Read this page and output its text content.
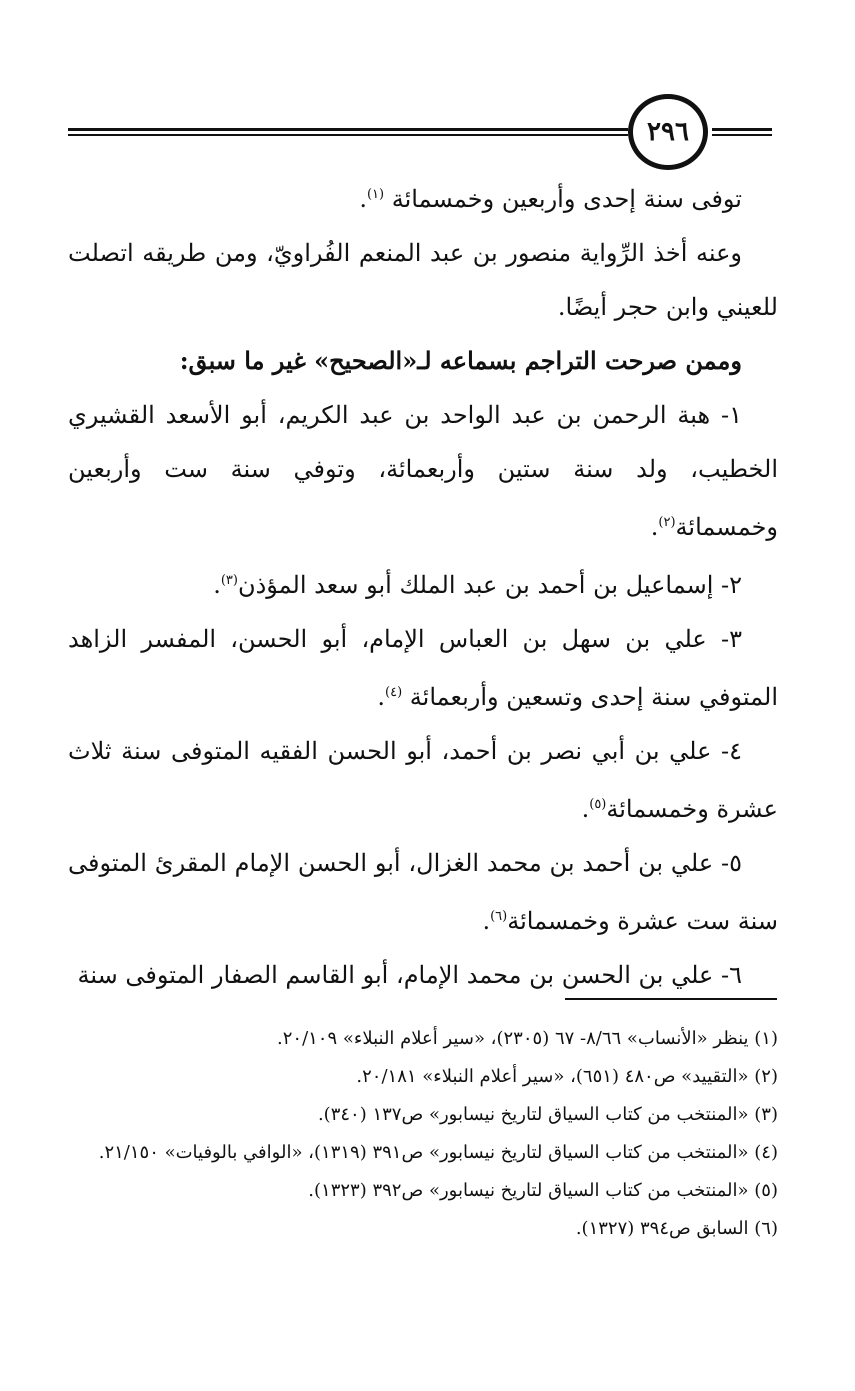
٢٩٦

توفى سنة إحدى وأربعين وخمسمائة $^{(١)}$.

وعنه أخذ الرِّواية منصور بن عبد المنعم الفُراويّ، ومن طريقه اتصلت للعيني وابن حجر أيضًا.

وممن صرحت التراجم بسماعه لـ«الصحيح» غير ما سبق:

١- هبة الرحمن بن عبد الواحد بن عبد الكريم، أبو الأسعد القشيري الخطيب، ولد سنة ستين وأربعمائة، وتوفي سنة ست وأربعين وخمسمائة$^{(٢)}$.

٢- إسماعيل بن أحمد بن عبد الملك أبو سعد المؤذن$^{(٣)}$.

٣- علي بن سهل بن العباس الإمام، أبو الحسن، المفسر الزاهد المتوفي سنة إحدى وتسعين وأربعمائة $^{(٤)}$.

٤- علي بن أبي نصر بن أحمد، أبو الحسن الفقيه المتوفى سنة ثلاث عشرة وخمسمائة$^{(٥)}$.

٥- علي بن أحمد بن محمد الغزال، أبو الحسن الإمام المقرئ المتوفى سنة ست عشرة وخمسمائة$^{(٦)}$.

٦- علي بن الحسن بن محمد الإمام، أبو القاسم الصفار المتوفى سنة

(١) ينظر «الأنساب» ٨/٦٦- ٦٧ (٢٣٠٥)، «سير أعلام النبلاء» ٢٠/١٠٩.

(٢) «التقييد» ص٤٨٠ (٦٥١)، «سير أعلام النبلاء» ٢٠/١٨١.

(٣) «المنتخب من كتاب السياق لتاريخ نيسابور» ص١٣٧ (٣٤٠).

(٤) «المنتخب من كتاب السياق لتاريخ نيسابور» ص٣٩١ (١٣١٩)، «الوافي بالوفيات» ٢١/١٥٠.

(٥) «المنتخب من كتاب السياق لتاريخ نيسابور» ص٣٩٢ (١٣٢٣).

(٦) السابق ص٣٩٤ (١٣٢٧).
